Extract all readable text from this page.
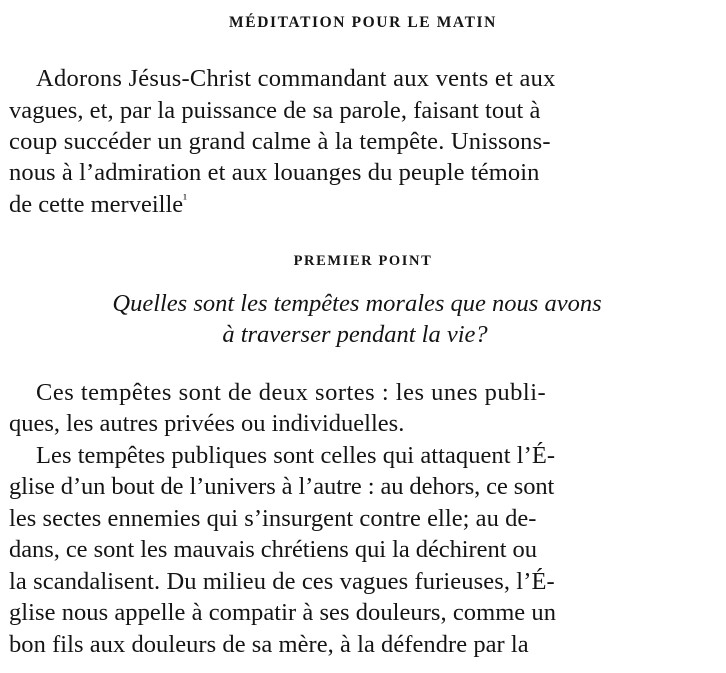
MÉDITATION POUR LE MATIN
Adorons Jésus-Christ commandant aux vents et aux
vagues, et, par la puissance de sa parole, faisant tout à
coup succéder un grand calme à la tempête. Unissons-
nous à l’admiration et aux louanges du peuple témoin
de cette merveille$^{^1}$
PREMIER POINT
Quelles sont les tempêtes morales que nous avons
à traverser pendant la vie?
Ces tempêtes sont de deux sortes : les unes publi-
ques, les autres privées ou individuelles.
Les tempêtes publiques sont celles qui attaquent l’É-
glise d’un bout de l’univers à l’autre : au dehors, ce sont
les sectes ennemies qui s’insurgent contre elle; au de-
dans, ce sont les mauvais chrétiens qui la déchirent ou
la scandalisent. Du milieu de ces vagues furieuses, l’É-
glise nous appelle à compatir à ses douleurs, comme un
bon fils aux douleurs de sa mère, à la défendre par la
